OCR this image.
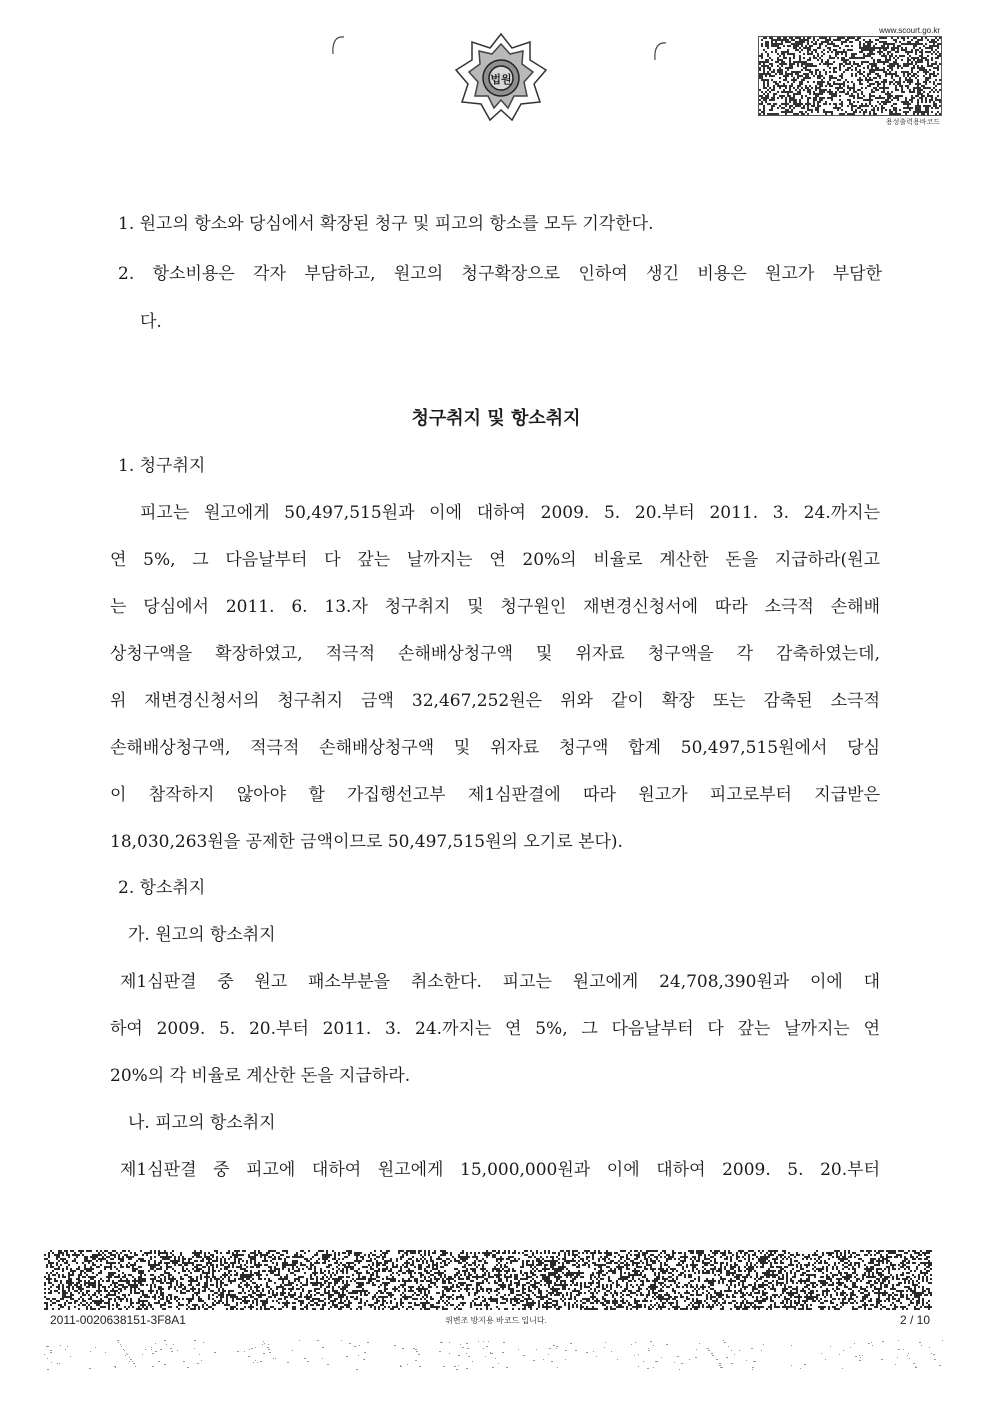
법원
www.scourt.go.kr
용성출력용바코드
1. 원고의 항소와 당심에서 확장된 청구 및 피고의 항소를 모두 기각한다.
2. 항소비용은 각자 부담하고, 원고의 청구확장으로 인하여 생긴 비용은 원고가 부담한
다.
청구취지 및 항소취지
1. 청구취지
피고는 원고에게 50,497,515원과 이에 대하여 2009. 5. 20.부터 2011. 3. 24.까지는
연 5%, 그 다음날부터 다 갚는 날까지는 연 20%의 비율로 계산한 돈을 지급하라(원고
는 당심에서 2011. 6. 13.자 청구취지 및 청구원인 재변경신청서에 따라 소극적 손해배
상청구액을 확장하였고, 적극적 손해배상청구액 및 위자료 청구액을 각 감축하였는데,
위 재변경신청서의 청구취지 금액 32,467,252원은 위와 같이 확장 또는 감축된 소극적
손해배상청구액, 적극적 손해배상청구액 및 위자료 청구액 합계 50,497,515원에서 당심
이 참작하지 않아야 할 가집행선고부 제1심판결에 따라 원고가 피고로부터 지급받은
18,030,263원을 공제한 금액이므로 50,497,515원의 오기로 본다).
2. 항소취지
가. 원고의 항소취지
제1심판결 중 원고 패소부분을 취소한다. 피고는 원고에게 24,708,390원과 이에 대
하여 2009. 5. 20.부터 2011. 3. 24.까지는 연 5%, 그 다음날부터 다 갚는 날까지는 연
20%의 각 비율로 계산한 돈을 지급하라.
나. 피고의 항소취지
제1심판결 중 피고에 대하여 원고에게 15,000,000원과 이에 대하여 2009. 5. 20.부터
2011-0020638151-3F8A1	위변조 방지용 바코드 입니다.	2 / 10
